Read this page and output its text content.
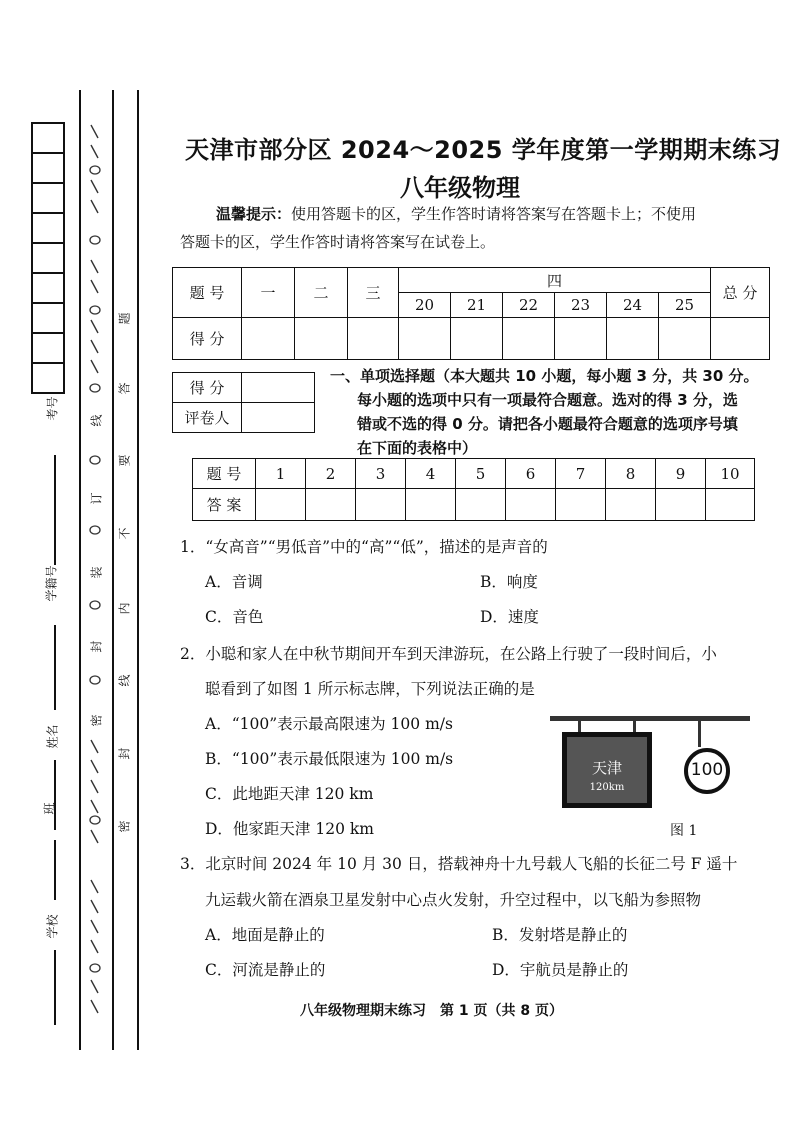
考号
学籍号
姓名
班
学校
线
订
装
封
密
题
答
要
不
内
线
封
密
天津市部分区 2024～2025 学年度第一学期期末练习
八年级物理
温馨提示：使用答题卡的区，学生作答时请将答案写在答题卡上；不使用
答题卡的区，学生作答时请将答案写在试卷上。
题 号	一	二	三	四						总 分
				20	21	22	23	24	25	
得 分										
得 分	
评卷人	
一、单项选择题（本大题共 10 小题，每小题 3 分，共 30 分。
每小题的选项中只有一项最符合题意。选对的得 3 分，选
错或不选的得 0 分。请把各小题最符合题意的选项序号填
在下面的表格中）
题 号	1	2	3	4	5	6	7	8	9	10
答 案										
1．“女高音”“男低音”中的“高”“低”，描述的是声音的
A．音调	B．响度
C．音色	D．速度
2．小聪和家人在中秋节期间开车到天津游玩，在公路上行驶了一段时间后，小
聪看到了如图 1 所示标志牌，下列说法正确的是
A．“100”表示最高限速为 100 m/s
B．“100”表示最低限速为 100 m/s
C．此地距天津 120 km
D．他家距天津 120 km
天津
120km
100
图 1
3．北京时间 2024 年 10 月 30 日，搭载神舟十九号载人飞船的长征二号 F 遥十
九运载火箭在酒泉卫星发射中心点火发射，升空过程中，以飞船为参照物
A．地面是静止的	B．发射塔是静止的
C．河流是静止的	D．宇航员是静止的
八年级物理期末练习　第 1 页（共 8 页）
